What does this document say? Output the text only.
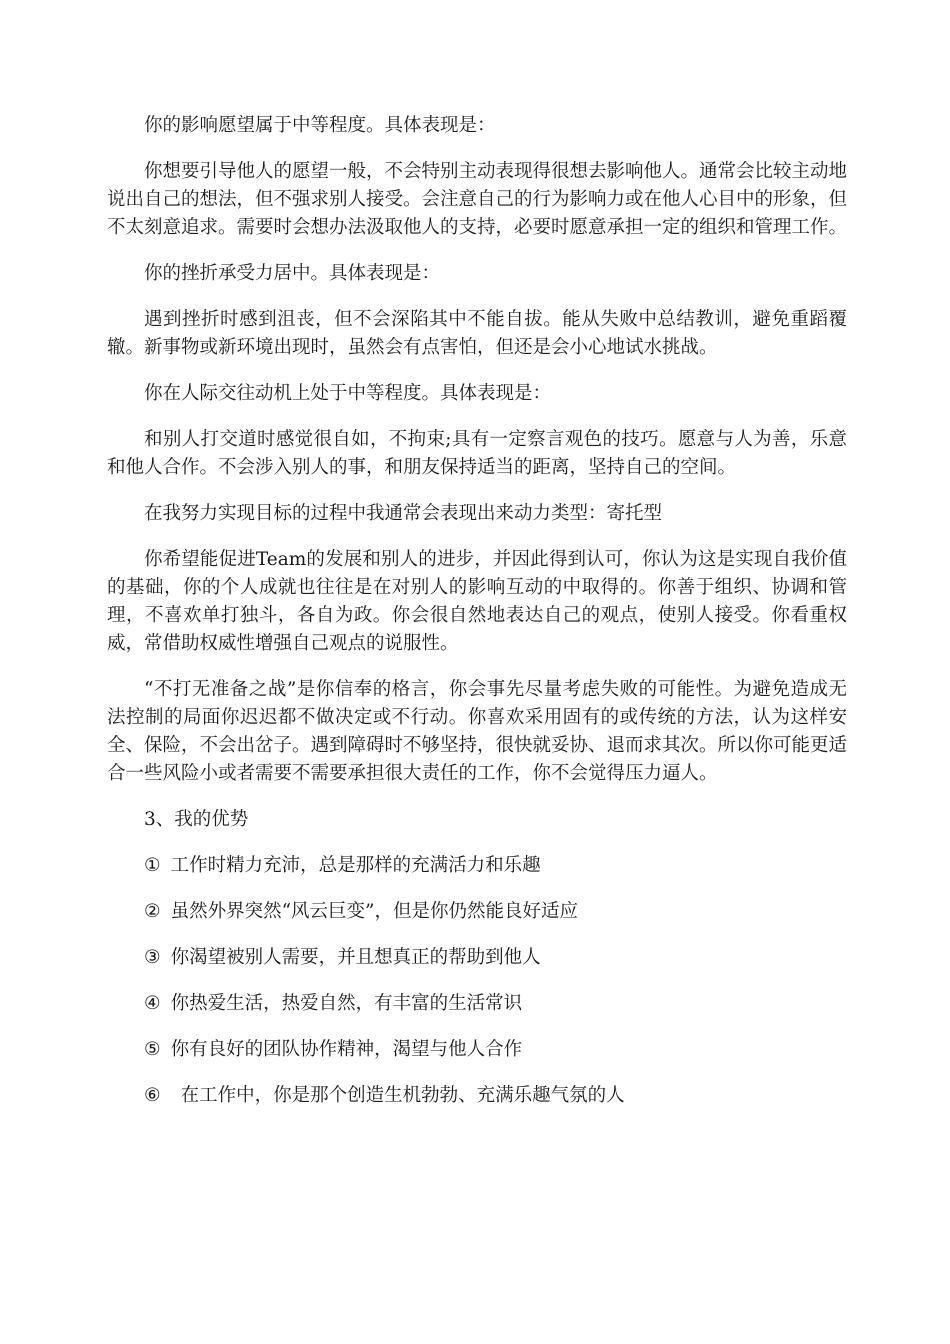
你的影响愿望属于中等程度。具体表现是：

你想要引导他人的愿望一般，不会特别主动表现得很想去影响他人。通常会比较主动地说出自己的想法，但不强求别人接受。会注意自己的行为影响力或在他人心目中的形象，但不太刻意追求。需要时会想办法汲取他人的支持，必要时愿意承担一定的组织和管理工作。

你的挫折承受力居中。具体表现是：

遇到挫折时感到沮丧，但不会深陷其中不能自拔。能从失败中总结教训，避免重蹈覆辙。新事物或新环境出现时，虽然会有点害怕，但还是会小心地试水挑战。

你在人际交往动机上处于中等程度。具体表现是：

和别人打交道时感觉很自如，不拘束;具有一定察言观色的技巧。愿意与人为善，乐意和他人合作。不会涉入别人的事，和朋友保持适当的距离，坚持自己的空间。

在我努力实现目标的过程中我通常会表现出来动力类型：寄托型

你希望能促进Team的发展和别人的进步，并因此得到认可，你认为这是实现自我价值的基础，你的个人成就也往往是在对别人的影响互动的中取得的。你善于组织、协调和管理，不喜欢单打独斗，各自为政。你会很自然地表达自己的观点，使别人接受。你看重权威，常借助权威性增强自己观点的说服性。

“不打无准备之战”是你信奉的格言，你会事先尽量考虑失败的可能性。为避免造成无法控制的局面你迟迟都不做决定或不行动。你喜欢采用固有的或传统的方法，认为这样安全、保险，不会出岔子。遇到障碍时不够坚持，很快就妥协、退而求其次。所以你可能更适合一些风险小或者需要不需要承担很大责任的工作，你不会觉得压力逼人。

3、我的优势

① 工作时精力充沛，总是那样的充满活力和乐趣
② 虽然外界突然“风云巨变”，但是你仍然能良好适应
③ 你渴望被别人需要，并且想真正的帮助到他人
④ 你热爱生活，热爱自然，有丰富的生活常识
⑤ 你有良好的团队协作精神，渴望与他人合作
⑥ 在工作中，你是那个创造生机勃勃、充满乐趣气氛的人
